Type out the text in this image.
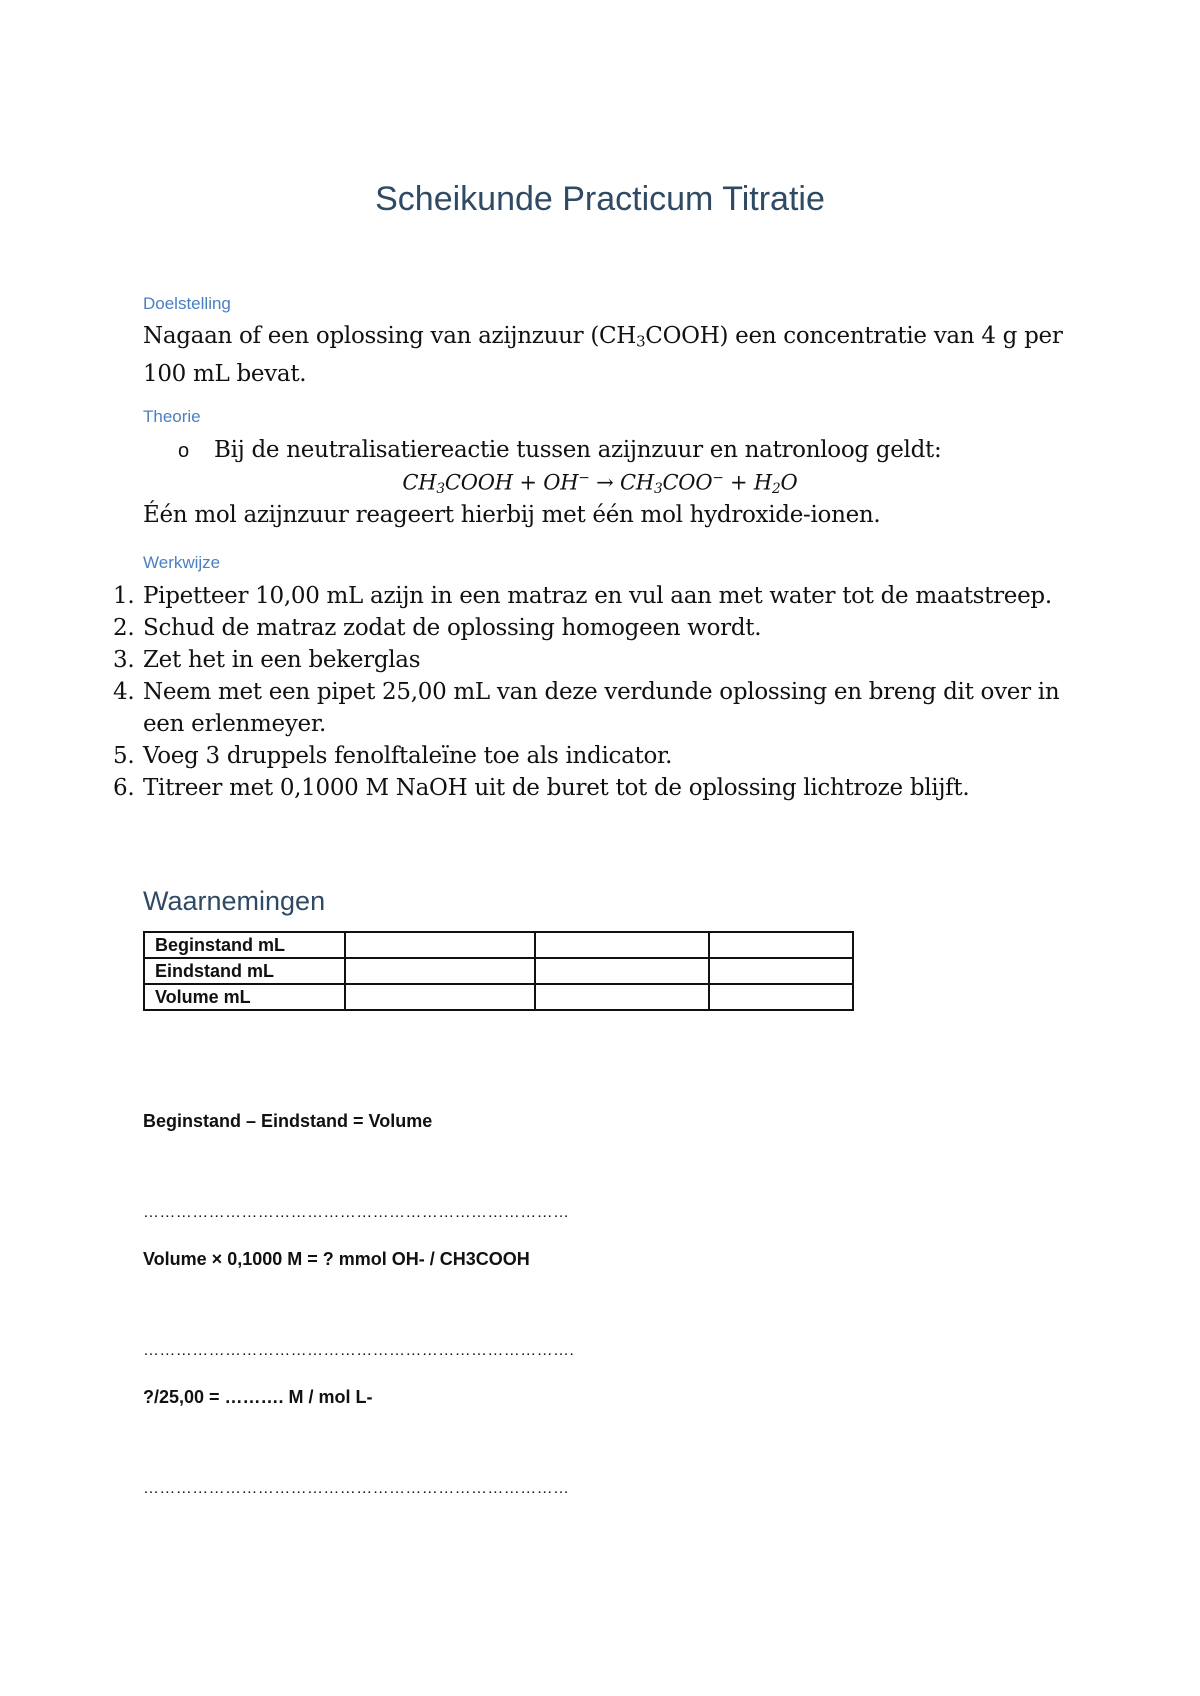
Scheikunde Practicum Titratie
Doelstelling
Nagaan of een oplossing van azijnzuur $(CH_3COOH)$ een concentratie van 4 g per 100 mL bevat.
Theorie
o Bij de neutralisatiereactie tussen azijnzuur en natronloog geldt:
$CH_3COOH + OH^- \to CH_3COO^- + H_2O$
Één mol azijnzuur reageert hierbij met één mol hydroxide-ionen.
Werkwijze
1. Pipetteer 10,00 mL azijn in een matraz en vul aan met water tot de maatstreep.
2. Schud de matraz zodat de oplossing homogeen wordt.
3. Zet het in een bekerglas
4. Neem met een pipet 25,00 mL van deze verdunde oplossing en breng dit over in een erlenmeyer.
5. Voeg 3 druppels fenolftaleïne toe als indicator.
6. Titreer met 0,1000 M NaOH uit de buret tot de oplossing lichtroze blijft.
Waarnemingen
Beginstand mL			
Eindstand mL			
Volume mL			
Beginstand – Eindstand = Volume
……………………………………………………………………
Volume × 0,1000 M = ? mmol OH- / CH3COOH
…………………………………………………………………….
?/25,00 = ………. M / mol L-
……………………………………………………………………
